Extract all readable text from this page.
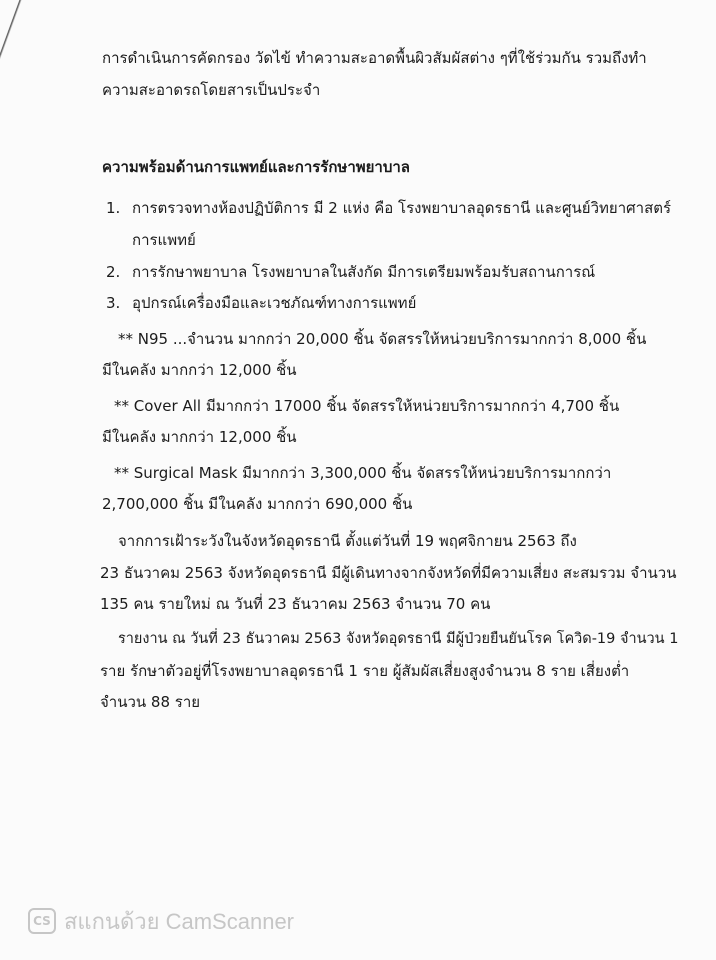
การดำเนินการคัดกรอง วัดไข้ ทำความสะอาดพื้นผิวสัมผัสต่าง ๆที่ใช้ร่วมกัน รวมถึงทำ
ความสะอาดรถโดยสารเป็นประจำ
ความพร้อมด้านการแพทย์และการรักษาพยาบาล
1. การตรวจทางห้องปฏิบัติการ มี 2 แห่ง คือ โรงพยาบาลอุดรธานี และศูนย์วิทยาศาสตร์
การแพทย์
2. การรักษาพยาบาล โรงพยาบาลในสังกัด มีการเตรียมพร้อมรับสถานการณ์
3. อุปกรณ์เครื่องมือและเวชภัณฑ์ทางการแพทย์
** N95 ...จำนวน มากกว่า 20,000 ชิ้น จัดสรรให้หน่วยบริการมากกว่า 8,000 ชิ้น
มีในคลัง มากกว่า 12,000 ชิ้น
** Cover All มีมากกว่า 17000 ชิ้น จัดสรรให้หน่วยบริการมากกว่า 4,700 ชิ้น
มีในคลัง มากกว่า 12,000 ชิ้น
** Surgical Mask มีมากกว่า 3,300,000 ชิ้น จัดสรรให้หน่วยบริการมากกว่า
2,700,000 ชิ้น มีในคลัง มากกว่า 690,000 ชิ้น
จากการเฝ้าระวังในจังหวัดอุดรธานี ตั้งแต่วันที่ 19 พฤศจิกายน 2563 ถึง
23 ธันวาคม 2563 จังหวัดอุดรธานี มีผู้เดินทางจากจังหวัดที่มีความเสี่ยง สะสมรวม จำนวน
135 คน รายใหม่ ณ วันที่ 23 ธันวาคม 2563 จำนวน 70 คน
รายงาน ณ วันที่ 23 ธันวาคม 2563 จังหวัดอุดรธานี มีผู้ป่วยยืนยันโรค โควิด-19 จำนวน 1
ราย รักษาตัวอยู่ที่โรงพยาบาลอุดรธานี 1 ราย ผู้สัมผัสเสี่ยงสูงจำนวน 8 ราย เสี่ยงต่ำ
จำนวน 88 ราย
CS สแกนด้วย CamScanner
